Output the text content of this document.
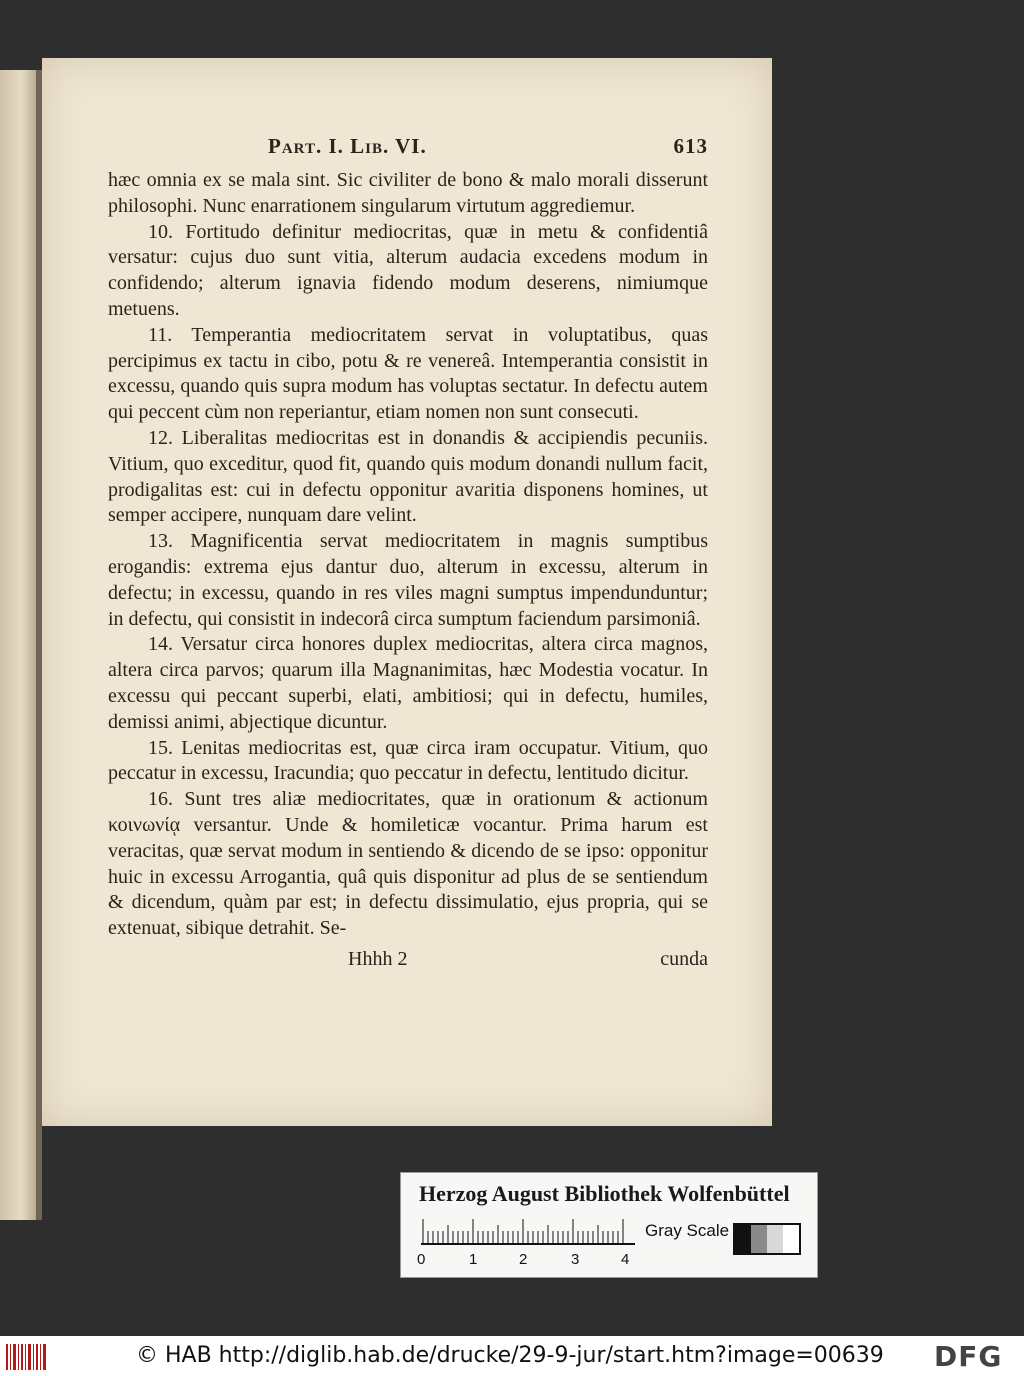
Part. I. Lib. VI.	613

hæc omnia ex se mala sint. Sic civiliter de bono & malo morali disserunt philosophi. Nunc enarrationem singularum virtutum aggrediemur.

10. Fortitudo definitur mediocritas, quæ in metu & confidentiâ versatur: cujus duo sunt vitia, alterum audacia excedens modum in confidendo; alterum ignavia fidendo modum deserens, nimiumque metuens.

11. Temperantia mediocritatem servat in voluptatibus, quas percipimus ex tactu in cibo, potu & re venereâ. Intemperantia consistit in excessu, quando quis supra modum has voluptas sectatur. In defectu autem qui peccent cùm non reperiantur, etiam nomen non sunt consecuti.

12. Liberalitas mediocritas est in donandis & accipiendis pecuniis. Vitium, quo exceditur, quod fit, quando quis modum donandi nullum facit, prodigalitas est: cui in defectu opponitur avaritia disponens homines, ut semper accipere, nunquam dare velint.

13. Magnificentia servat mediocritatem in magnis sumptibus erogandis: extrema ejus dantur duo, alterum in excessu, alterum in defectu; in excessu, quando in res viles magni sumptus impendunduntur; in defectu, qui consistit in indecorâ circa sumptum faciendum parsimoniâ.

14. Versatur circa honores duplex mediocritas, altera circa magnos, altera circa parvos; quarum illa Magnanimitas, hæc Modestia vocatur. In excessu qui peccant superbi, elati, ambitiosi; qui in defectu, humiles, demissi animi, abjectique dicuntur.

15. Lenitas mediocritas est, quæ circa iram occupatur. Vitium, quo peccatur in excessu, Iracundia; quo peccatur in defectu, lentitudo dicitur.

16. Sunt tres aliæ mediocritates, quæ in orationum & actionum κοινωνίᾳ versantur. Unde & homileticæ vocantur. Prima harum est veracitas, quæ servat modum in sentiendo & dicendo de se ipso: opponitur huic in excessu Arrogantia, quâ quis disponitur ad plus de se sentiendum & dicendum, quàm par est; in defectu dissimulatio, ejus propria, qui se extenuat, sibique detrahit. Se-

Hhhh 2	cunda
Herzog August Bibliothek Wolfenbüttel
0	1	2	3	4
Gray Scale
© HAB http://diglib.hab.de/drucke/29-9-jur/start.htm?image=00639 DFG
